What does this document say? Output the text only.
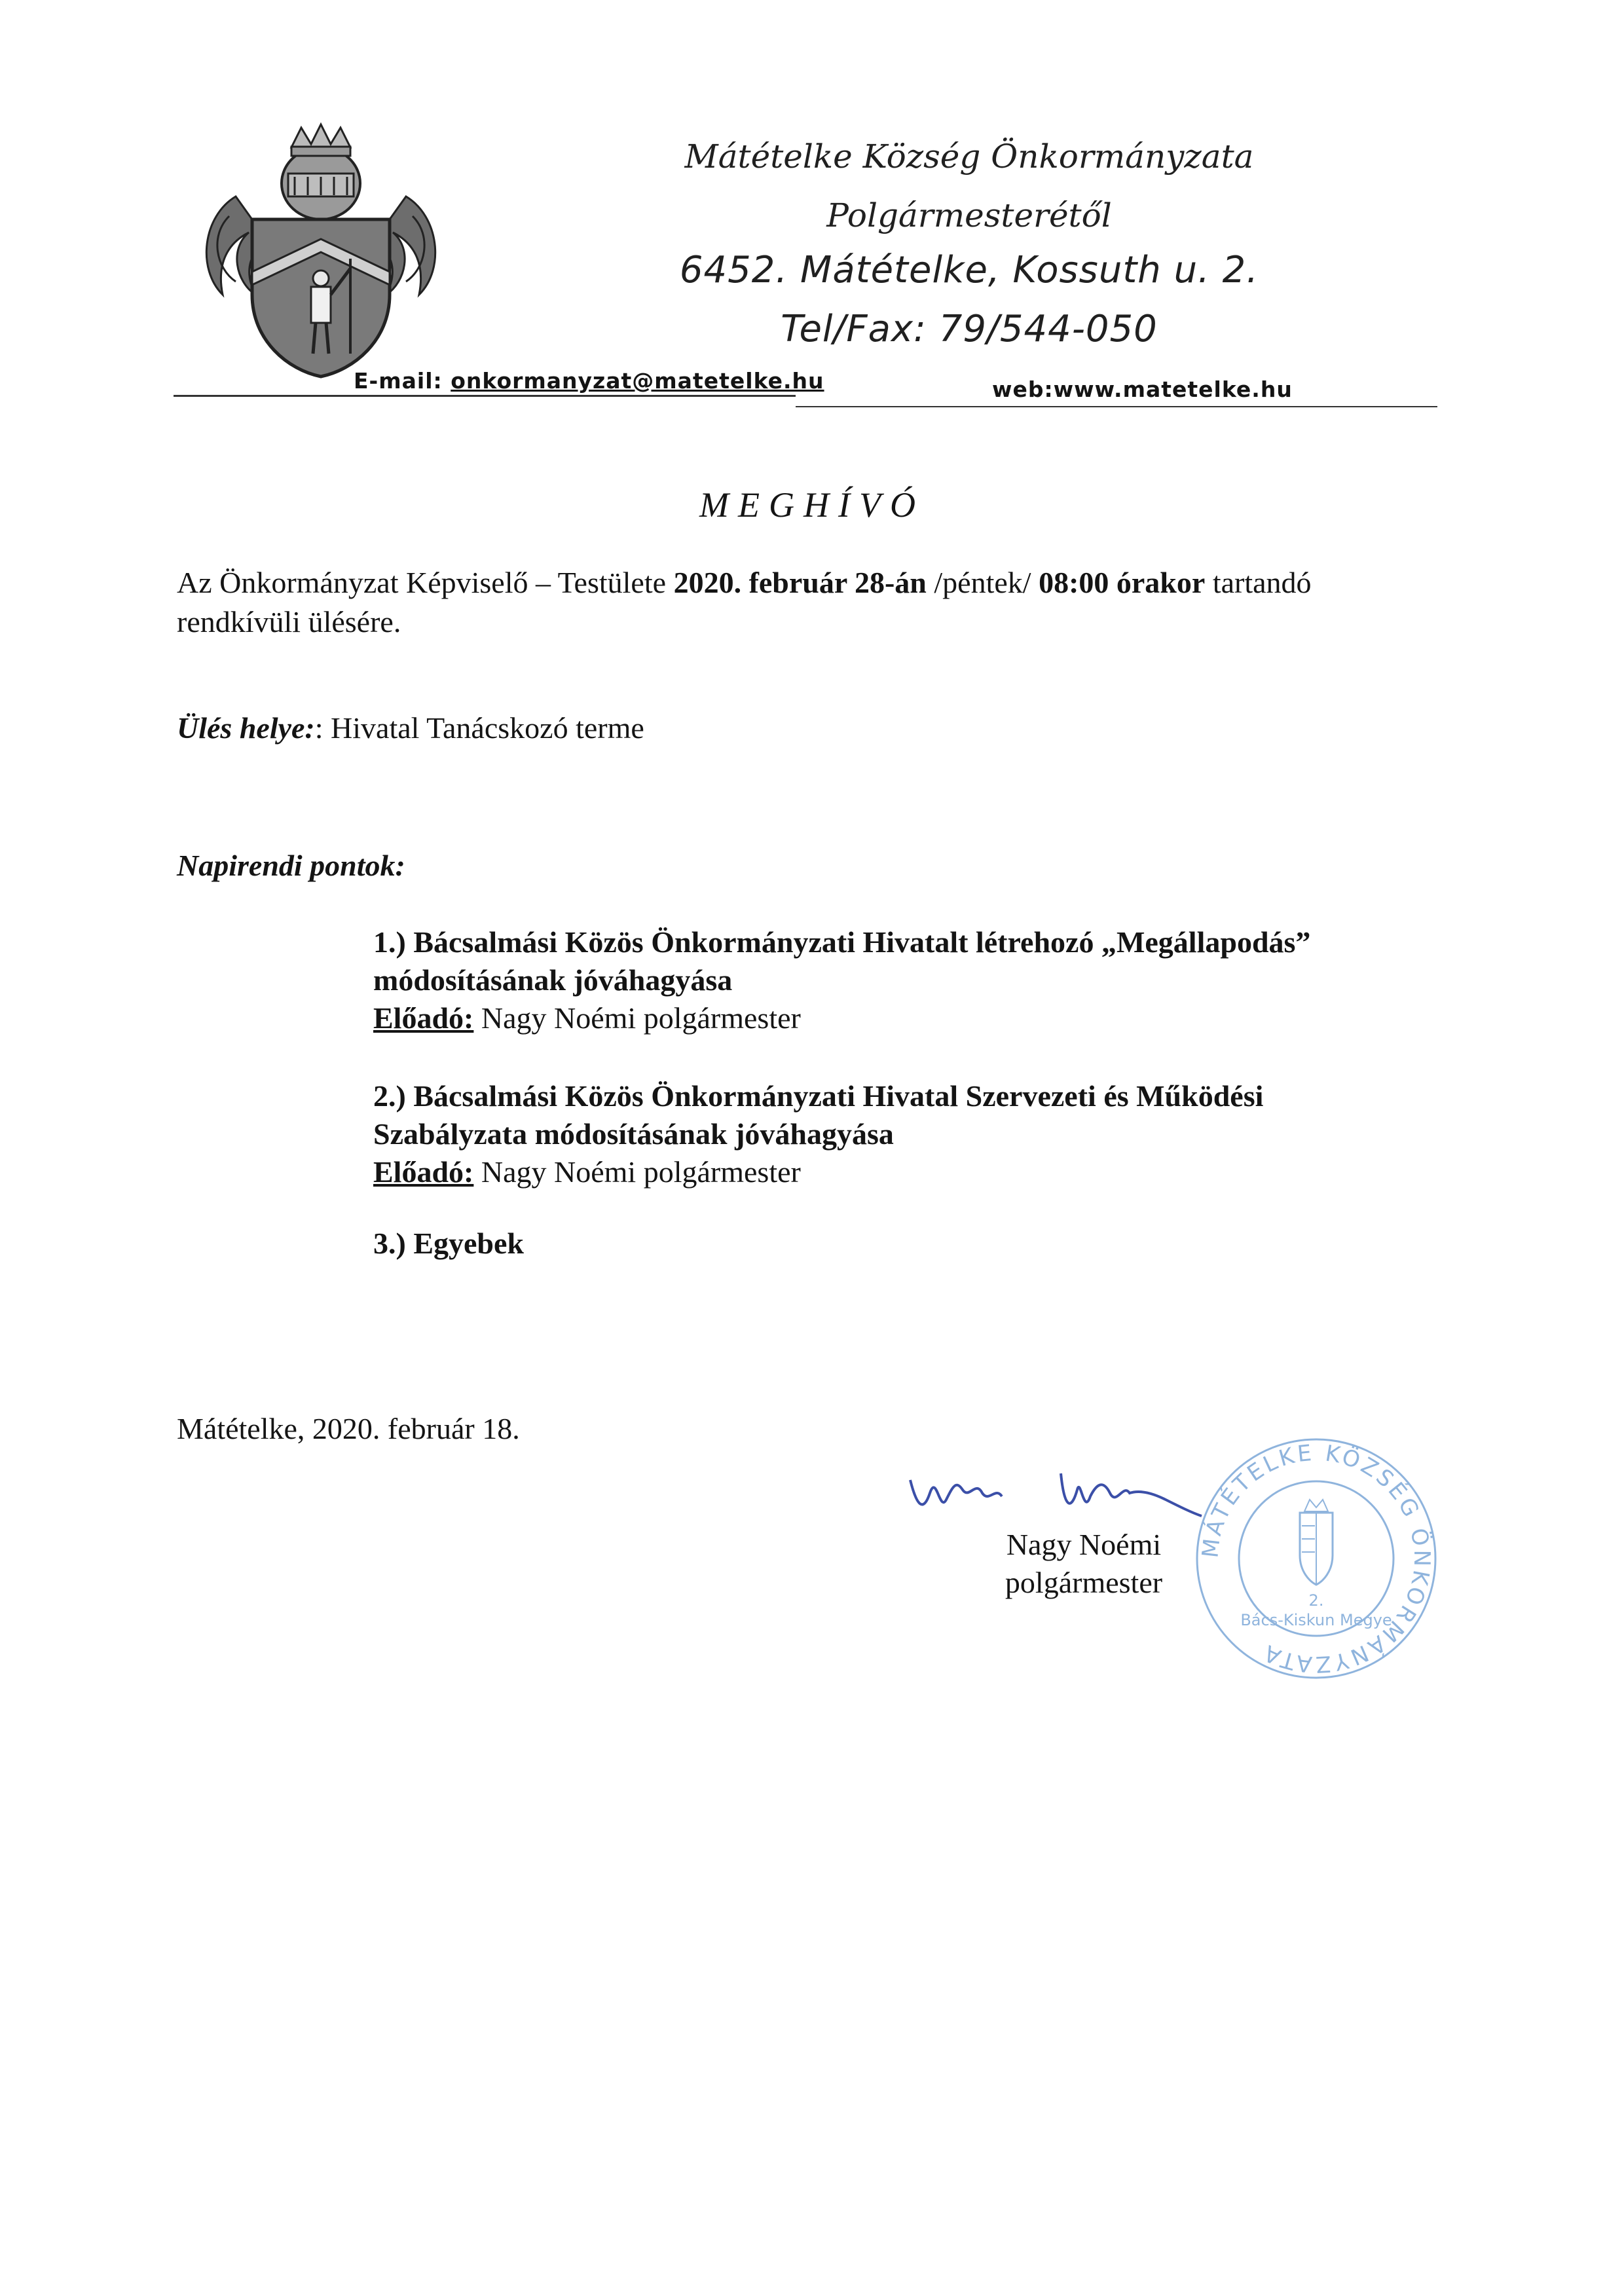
Mátételke Község Önkormányzata
Polgármesterétől
6452. Mátételke, Kossuth u. 2.
Tel/Fax: 79/544-050
E-mail: onkormanyzat@matetelke.hu	web:www.matetelke.hu
MEGHÍVÓ
Az Önkormányzat Képviselő – Testülete 2020. február 28-án /péntek/ 08:00 órakor tartandó
rendkívüli ülésére.
Ülés helye:: Hivatal Tanácskozó terme
Napirendi pontok:
1.) Bácsalmási Közös Önkormányzati Hivatalt létrehozó „Megállapodás”
módosításának jóváhagyása
Előadó: Nagy Noémi polgármester
2.) Bácsalmási Közös Önkormányzati Hivatal Szervezeti és Működési
Szabályzata módosításának jóváhagyása
Előadó: Nagy Noémi polgármester
3.) Egyebek
Mátételke, 2020. február 18.
MÁTÉTELKE KÖZSÉG ÖNKORMÁNYZATA
2.
Bács-Kiskun Megye
Nagy Noémi
polgármester
